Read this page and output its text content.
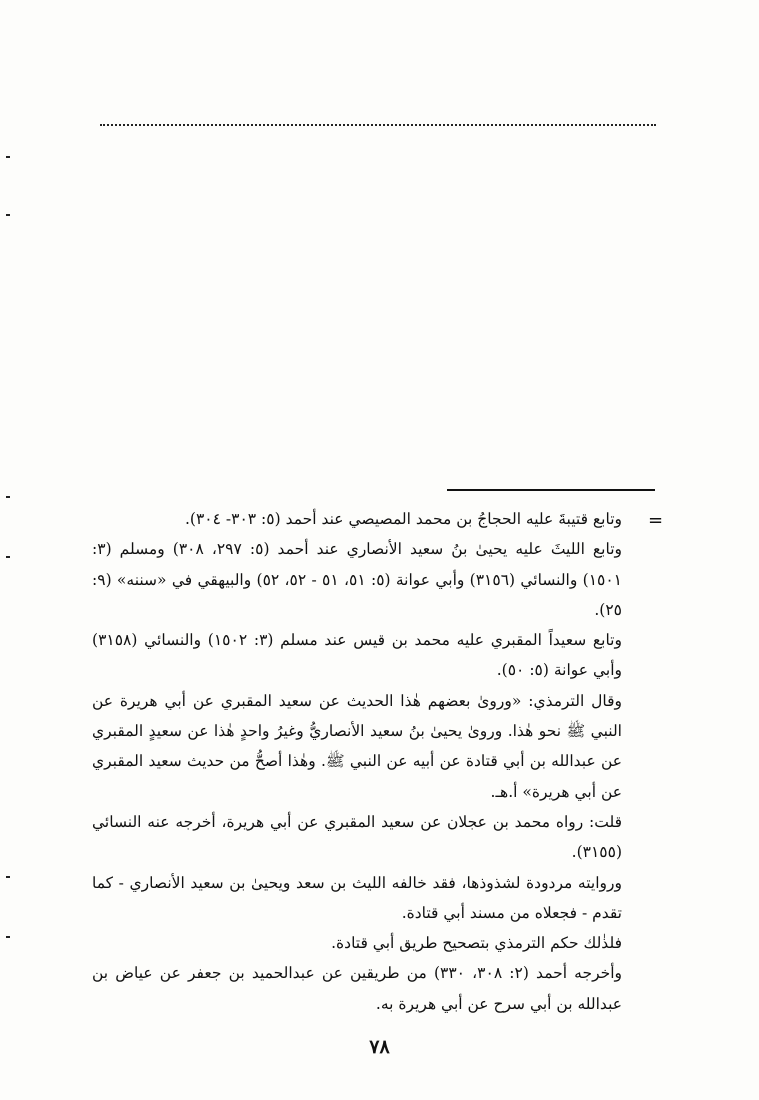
=

وتابع قتيبةَ عليه الحجاجُ بن محمد المصيصي عند أحمد (٥: ٣٠٣- ٣٠٤).

وتابع الليثَ عليه يحيىٰ بنُ سعيد الأنصاري عند أحمد (٥: ٢٩٧، ٣٠٨) ومسلم (٣: ١٥٠١) والنسائي (٣١٥٦) وأبي عوانة (٥: ٥١، ٥١ - ٥٢، ٥٢) والبيهقي في «سننه» (٩: ٢٥).

وتابع سعيداً المقبري عليه محمد بن قيس عند مسلم (٣: ١٥٠٢) والنسائي (٣١٥٨) وأبي عوانة (٥: ٥٠).

وقال الترمذي: «وروىٰ بعضهم هٰذا الحديث عن سعيد المقبري عن أبي هريرة عن النبي ﷺ نحو هٰذا. وروىٰ يحيىٰ بنُ سعيد الأنصاريُّ وغيرُ واحدٍ هٰذا عن سعيدٍ المقبري عن عبدالله بن أبي قتادة عن أبيه عن النبي ﷺ. وهٰذا أصحُّ من حديث سعيد المقبري عن أبي هريرة» أ.هـ.

قلت: رواه محمد بن عجلان عن سعيد المقبري عن أبي هريرة، أخرجه عنه النسائي (٣١٥٥).

وروايته مردودة لشذوذها، فقد خالفه الليث بن سعد ويحيىٰ بن سعيد الأنصاري - كما تقدم - فجعلاه من مسند أبي قتادة.

فلذٰلك حكم الترمذي بتصحيح طريق أبي قتادة.

وأخرجه أحمد (٢: ٣٠٨، ٣٣٠) من طريقين عن عبدالحميد بن جعفر عن عياض بن عبدالله بن أبي سرح عن أبي هريرة به.

٧٨
